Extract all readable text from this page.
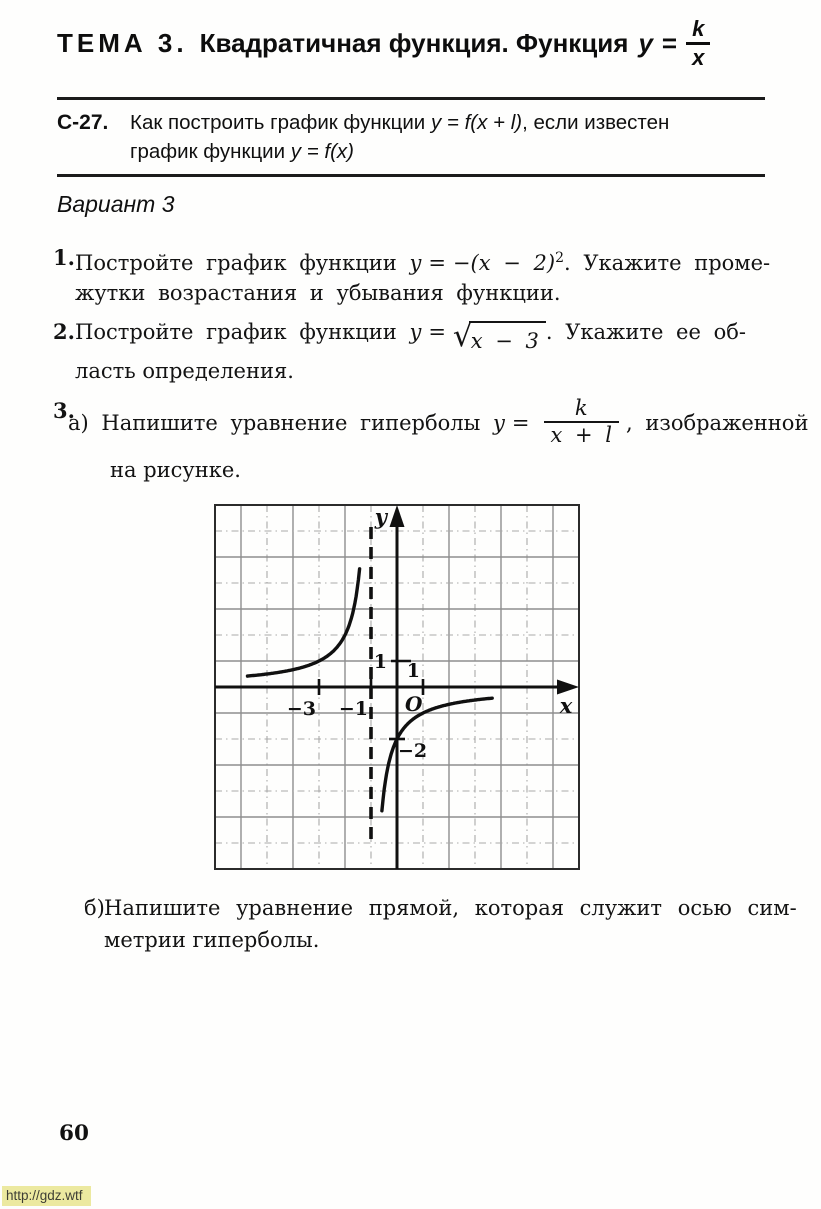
ТЕМА 3. Квадратичная функция. Функция $y = \frac{k}{x}$
С-27.	Как построить график функции y = f(x + l), если известен
график функции y = f(x)
Вариант 3
1. Постройте график функции $y = -(x - 2)^2$. Укажите проме-
жутки возрастания и убывания функции.
2. Постройте график функции y = √
x − 3 . Укажите ее об-
ласть определения.
3.
а) Напишите уравнение гиперболы $y = \frac{k}{x + l}$ , изображенной
на рисунке.
−3 −1
1
1
−2
y
x
O
б) Напишите уравнение прямой, которая служит осью сим-
метрии гиперболы.
60
http://gdz.wtf
